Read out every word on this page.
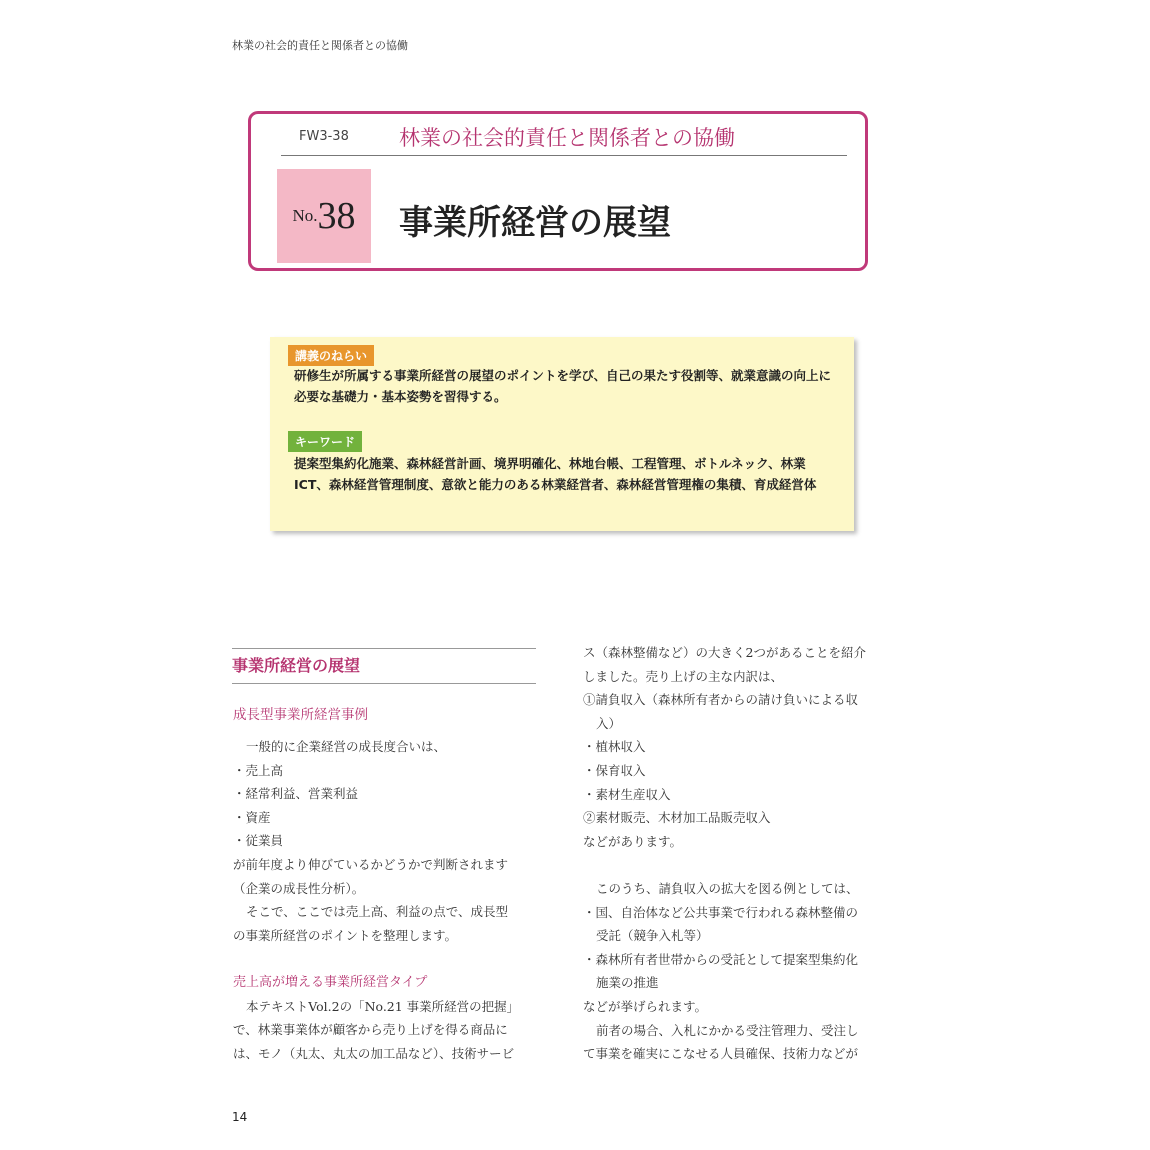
林業の社会的責任と関係者との協働
FW3-38 林業の社会的責任と関係者との協働
No. 38 事業所経営の展望
講義のねらい
研修生が所属する事業所経営の展望のポイントを学び、自己の果たす役割等、就業意識の向上に必要な基礎力・基本姿勢を習得する。
キーワード
提案型集約化施業、森林経営計画、境界明確化、林地台帳、工程管理、ボトルネック、林業ICT、森林経営管理制度、意欲と能力のある林業経営者、森林経営管理権の集積、育成経営体
事業所経営の展望
成長型事業所経営事例
一般的に企業経営の成長度合いは、
・売上高
・経常利益、営業利益
・資産
・従業員
が前年度より伸びているかどうかで判断されます
（企業の成長性分析）。
そこで、ここでは売上高、利益の点で、成長型
の事業所経営のポイントを整理します。
売上高が増える事業所経営タイプ
本テキストVol.2の「No.21 事業所経営の把握」
で、林業事業体が顧客から売り上げを得る商品に
は、モノ（丸太、丸太の加工品など）、技術サービ
ス（森林整備など）の大きく2つがあることを紹介
しました。売り上げの主な内訳は、
①請負収入（森林所有者からの請け負いによる収
入）
・植林収入
・保育収入
・素材生産収入
②素材販売、木材加工品販売収入
などがあります。
このうち、請負収入の拡大を図る例としては、
・国、自治体など公共事業で行われる森林整備の
受託（競争入札等）
・森林所有者世帯からの受託として提案型集約化
施業の推進
などが挙げられます。
前者の場合、入札にかかる受注管理力、受注し
て事業を確実にこなせる人員確保、技術力などが
14
